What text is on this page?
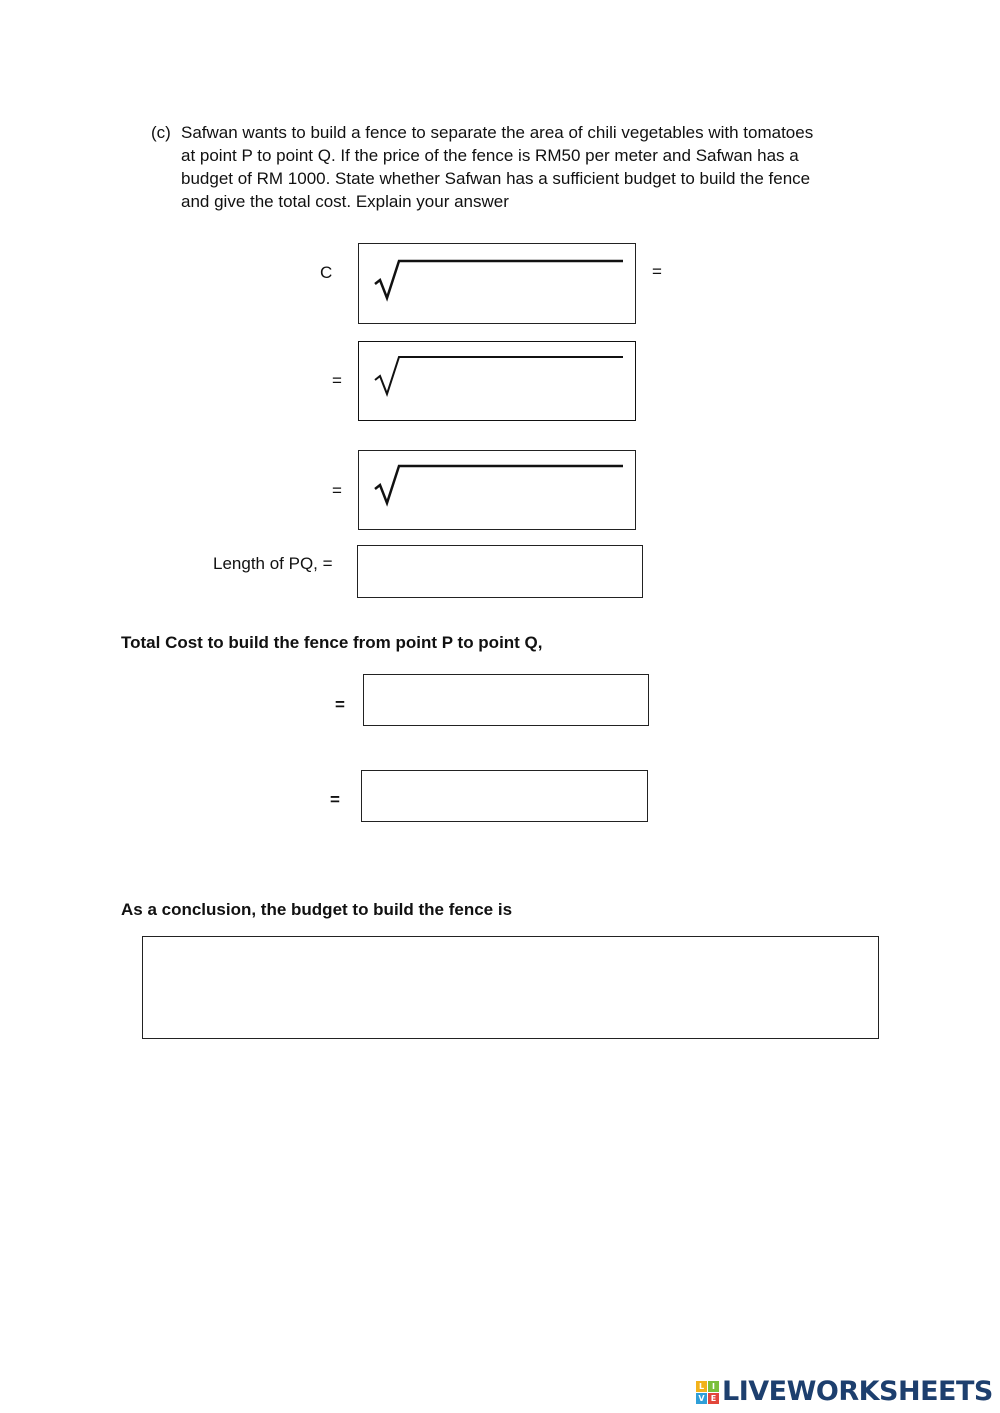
(c) Safwan wants to build a fence to separate the area of chili vegetables with tomatoes
at point P to point Q. If the price of the fence is RM50 per meter and Safwan has a
budget of RM 1000. State whether Safwan has a sufficient budget to build the fence
and give the total cost. Explain your answer
C	=
=
=
Length of PQ, =
Total Cost to build the fence from point P to point Q,
=
=
As a conclusion, the budget to build the fence is
L I
V E LIVEWORKSHEETS
